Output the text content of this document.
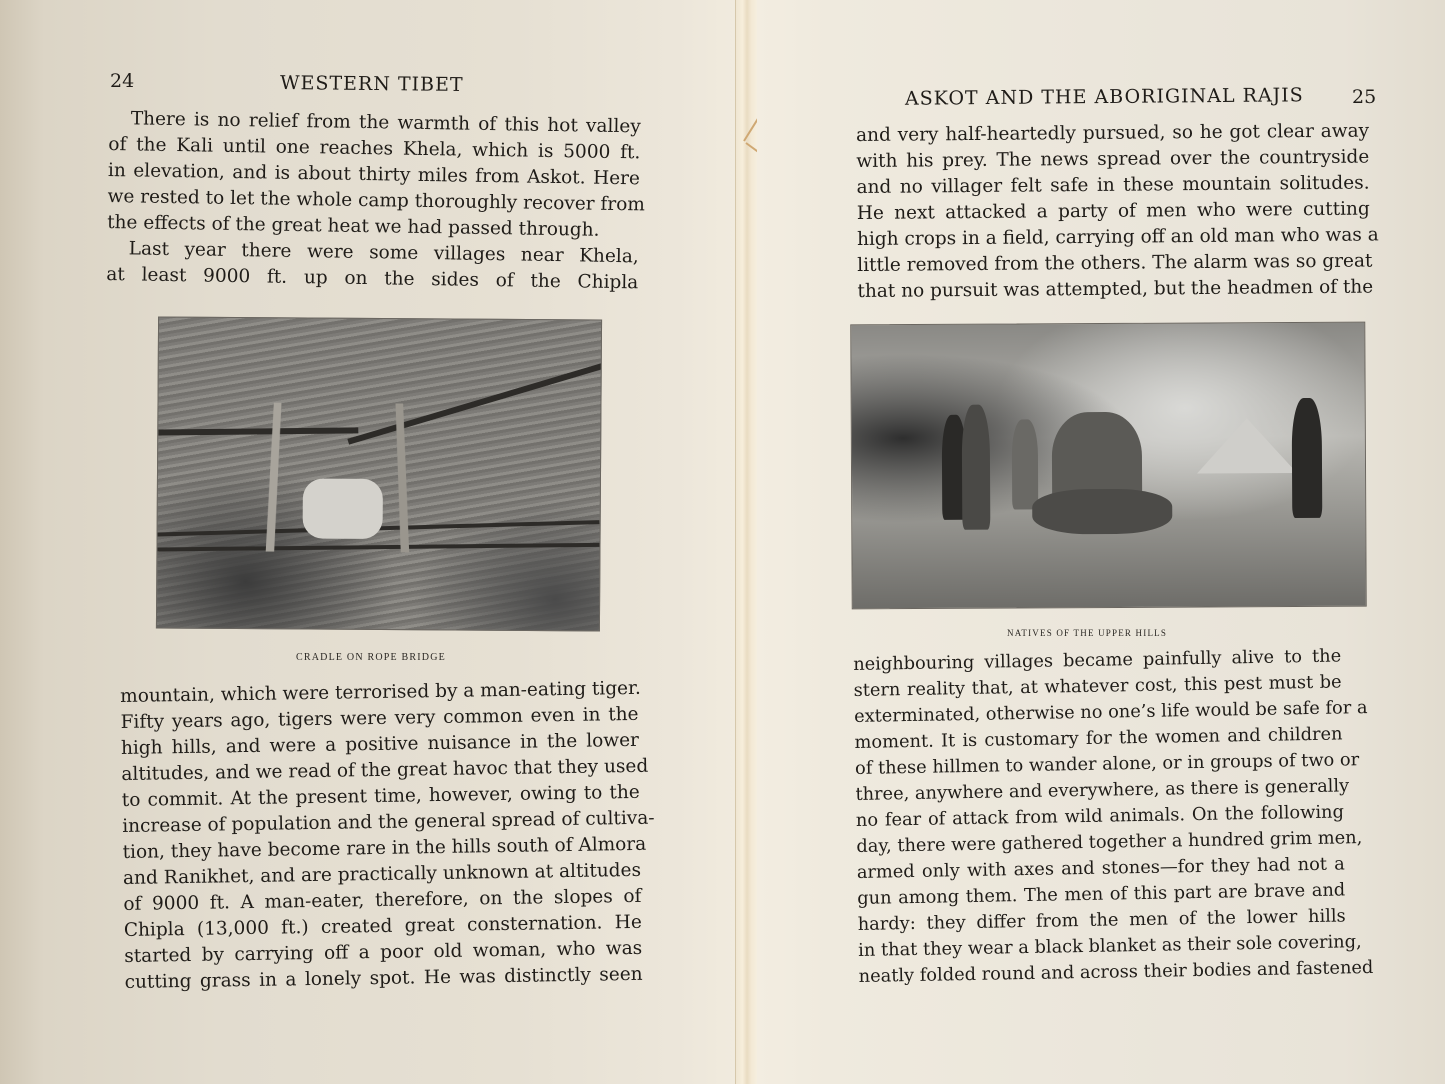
24	WESTERN TIBET
There is no relief from the warmth of this hot valley
of the Kali until one reaches Khela, which is 5000 ft.
in elevation, and is about thirty miles from Askot. Here
we rested to let the whole camp thoroughly recover from
the effects of the great heat we had passed through.
Last year there were some villages near Khela,
at least 9000 ft. up on the sides of the Chipla
CRADLE ON ROPE BRIDGE
mountain, which were terrorised by a man-eating tiger.
Fifty years ago, tigers were very common even in the
high hills, and were a positive nuisance in the lower
altitudes, and we read of the great havoc that they used
to commit. At the present time, however, owing to the
increase of population and the general spread of cultiva-
tion, they have become rare in the hills south of Almora
and Ranikhet, and are practically unknown at altitudes
of 9000 ft. A man-eater, therefore, on the slopes of
Chipla (13,000 ft.) created great consternation. He
started by carrying off a poor old woman, who was
cutting grass in a lonely spot. He was distinctly seen
ASKOT AND THE ABORIGINAL RAJIS	25
and very half-heartedly pursued, so he got clear away
with his prey. The news spread over the countryside
and no villager felt safe in these mountain solitudes.
He next attacked a party of men who were cutting
high crops in a field, carrying off an old man who was a
little removed from the others. The alarm was so great
that no pursuit was attempted, but the headmen of the
NATIVES OF THE UPPER HILLS
neighbouring villages became painfully alive to the
stern reality that, at whatever cost, this pest must be
exterminated, otherwise no one’s life would be safe for a
moment. It is customary for the women and children
of these hillmen to wander alone, or in groups of two or
three, anywhere and everywhere, as there is generally
no fear of attack from wild animals. On the following
day, there were gathered together a hundred grim men,
armed only with axes and stones—for they had not a
gun among them. The men of this part are brave and
hardy: they differ from the men of the lower hills
in that they wear a black blanket as their sole covering,
neatly folded round and across their bodies and fastened
